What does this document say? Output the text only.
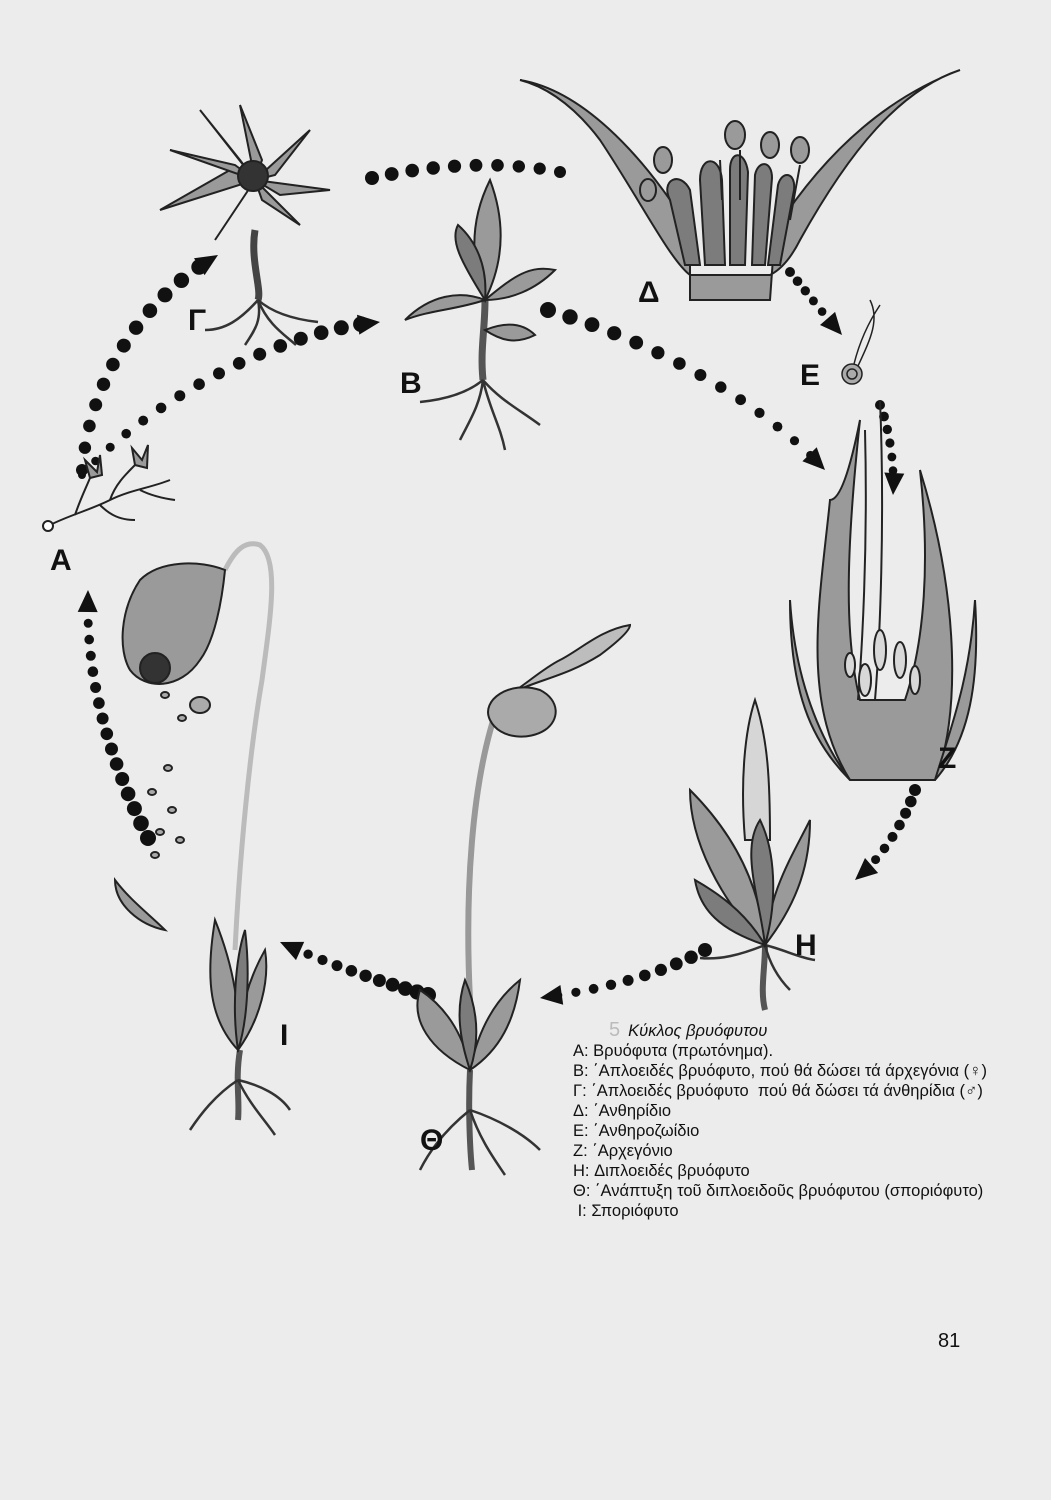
A
B
Γ
Δ
E
Z
H
Θ
I	5 Κύκλος βρυόφυτου
A: Βρυόφυτα (πρωτόνημα).
B: ΄Απλοειδές βρυόφυτο, πού θά δώσει τά άρχεγόνια (♀)
Γ: ΄Απλοειδές βρυόφυτο  πού θά δώσει τά άνθηρίδια (♂)
Δ: ΄Ανθηρίδιο
E: ΄Ανθηροζωίδιο
Z: ΄Αρχεγόνιο
H: Διπλοειδές βρυόφυτο
Θ: ΄Ανάπτυξη τοῦ διπλοειδοῦς βρυόφυτου (σποριόφυτο)
I: Σποριόφυτο
81
